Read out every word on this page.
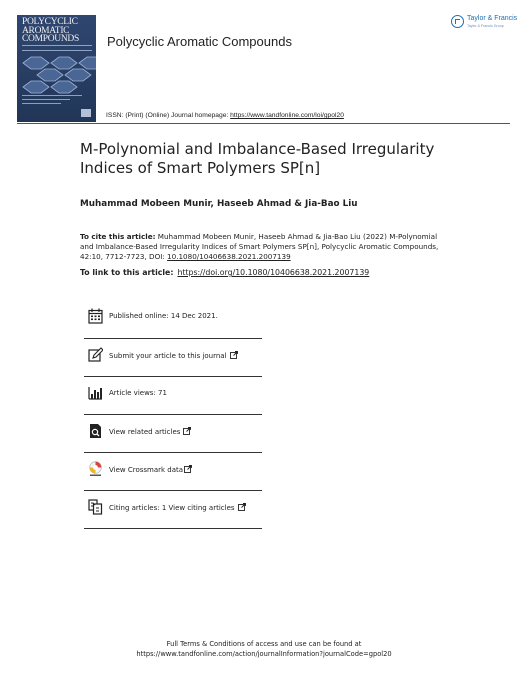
POLYCYCLIC AROMATIC COMPOUNDS	Polycyclic Aromatic Compounds
Taylor & Francis
Taylor & Francis Group
ISSN: (Print) (Online) Journal homepage: https://www.tandfonline.com/loi/gpol20
M-Polynomial and Imbalance-Based Irregularity Indices of Smart Polymers SP[n]
Muhammad Mobeen Munir, Haseeb Ahmad & Jia-Bao Liu
To cite this article: Muhammad Mobeen Munir, Haseeb Ahmad & Jia-Bao Liu (2022) M-Polynomial and Imbalance-Based Irregularity Indices of Smart Polymers SP[n], Polycyclic Aromatic Compounds, 42:10, 7712-7723, DOI: 10.1080/10406638.2021.2007139
To link to this article: https://doi.org/10.1080/10406638.2021.2007139
Published online: 14 Dec 2021.
Submit your article to this journal
Article views: 71
View related articles
View Crossmark data
Citing articles: 1 View citing articles
Full Terms & Conditions of access and use can be found at
https://www.tandfonline.com/action/journalInformation?journalCode=gpol20
